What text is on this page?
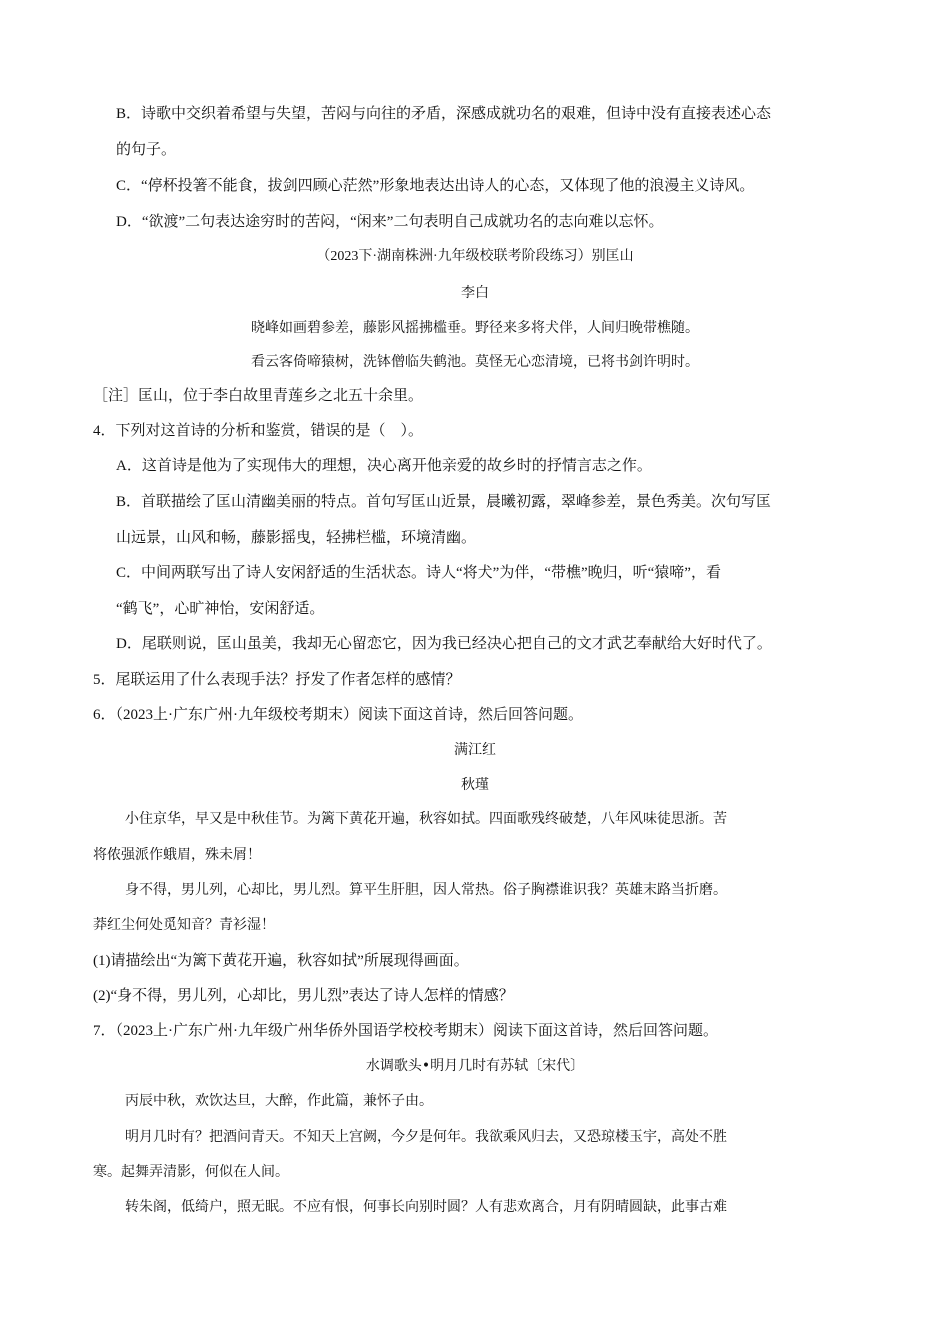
B．诗歌中交织着希望与失望，苦闷与向往的矛盾，深感成就功名的艰难，但诗中没有直接表述心态
的句子。
C．“停杯投箸不能食，拔剑四顾心茫然”形象地表达出诗人的心态，又体现了他的浪漫主义诗风。
D．“欲渡”二句表达途穷时的苦闷，“闲来”二句表明自己成就功名的志向难以忘怀。
（2023下·湖南株洲·九年级校联考阶段练习）别匡山
李白
晓峰如画碧参差，藤影风摇拂槛垂。野径来多将犬伴，人间归晚带樵随。
看云客倚啼猿树，洗钵僧临失鹤池。莫怪无心恋清境，已将书剑许明时。
［注］匡山，位于李白故里青莲乡之北五十余里。
4．下列对这首诗的分析和鉴赏，错误的是（　）。
A．这首诗是他为了实现伟大的理想，决心离开他亲爱的故乡时的抒情言志之作。
B．首联描绘了匡山清幽美丽的特点。首句写匡山近景，晨曦初露，翠峰参差，景色秀美。次句写匡
山远景，山风和畅，藤影摇曳，轻拂栏槛，环境清幽。
C．中间两联写出了诗人安闲舒适的生活状态。诗人“将犬”为伴，“带樵”晚归，听“猿啼”，看
“鹤飞”，心旷神怡，安闲舒适。
D．尾联则说，匡山虽美，我却无心留恋它，因为我已经决心把自己的文才武艺奉献给大好时代了。
5．尾联运用了什么表现手法？抒发了作者怎样的感情？
6．（2023上·广东广州·九年级校考期末）阅读下面这首诗，然后回答问题。
满江红
秋瑾
小住京华，早又是中秋佳节。为篱下黄花开遍，秋容如拭。四面歌残终破楚，八年风味徒思浙。苦
将侬强派作蛾眉，殊未屑！
身不得，男儿列，心却比，男儿烈。算平生肝胆，因人常热。俗子胸襟谁识我？英雄末路当折磨。
莽红尘何处觅知音？青衫湿！
(1)请描绘出“为篱下黄花开遍，秋容如拭”所展现得画面。
(2)“身不得，男儿列，心却比，男儿烈”表达了诗人怎样的情感？
7．（2023上·广东广州·九年级广州华侨外国语学校校考期末）阅读下面这首诗，然后回答问题。
水调歌头•明月几时有苏轼〔宋代〕
丙辰中秋，欢饮达旦，大醉，作此篇，兼怀子由。
明月几时有？把酒问青天。不知天上宫阙，今夕是何年。我欲乘风归去，又恐琼楼玉宇，高处不胜
寒。起舞弄清影，何似在人间。
转朱阁，低绮户，照无眠。不应有恨，何事长向别时圆？人有悲欢离合，月有阴晴圆缺，此事古难
